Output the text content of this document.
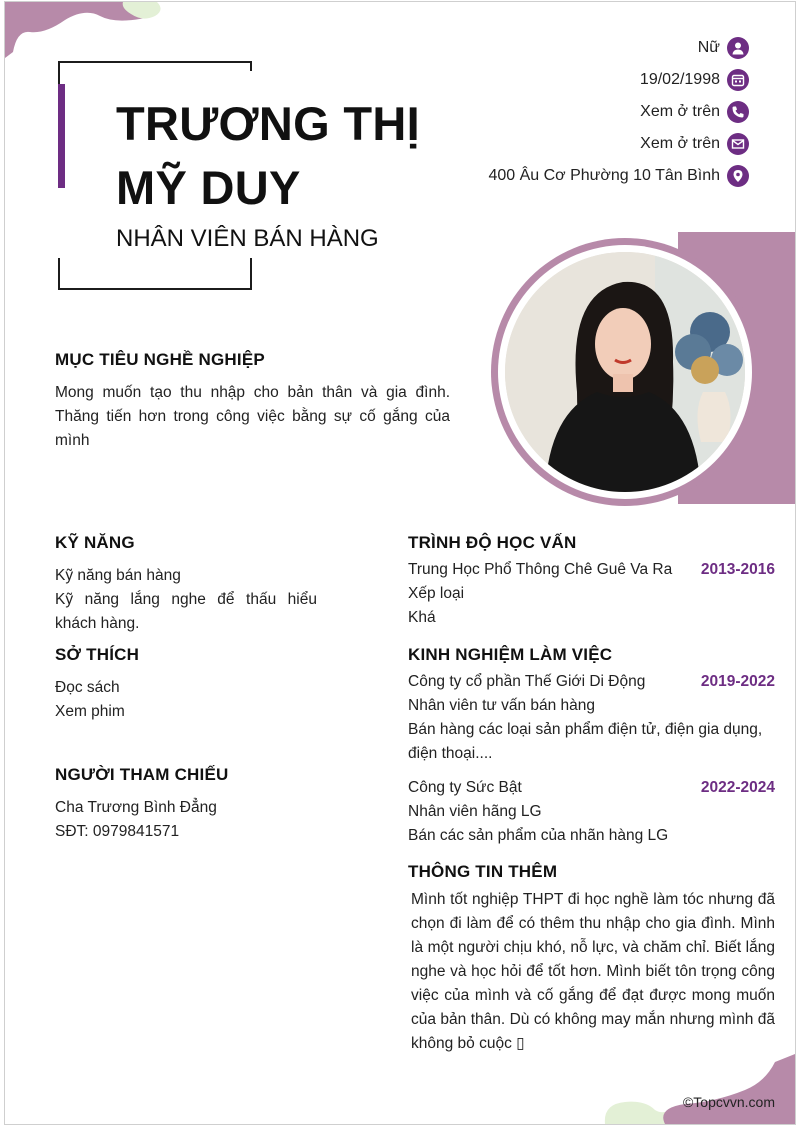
TRƯƠNG THỊ
MỸ DUY
NHÂN VIÊN BÁN HÀNG
Nữ
19/02/1998
Xem ở trên
Xem ở trên
400 Âu Cơ Phường 10 Tân Bình
MỤC TIÊU NGHỀ NGHIỆP
Mong muốn tạo thu nhập cho bản thân và gia đình. Thăng tiến hơn trong công việc bằng sự cố gắng của mình
KỸ NĂNG
Kỹ năng bán hàng
Kỹ năng lắng nghe để thấu hiểu khách hàng.
SỞ THÍCH
Đọc sách
Xem phim
NGƯỜI THAM CHIẾU
Cha Trương Bình Đẳng
SĐT: 0979841571
TRÌNH ĐỘ HỌC VẤN
Trung Học Phổ Thông Chê Guê Va Ra 2013-2016
Xếp loại
Khá
KINH NGHIỆM LÀM VIỆC
Công ty cổ phần Thế Giới Di Động	2019-2022
Nhân viên tư vấn bán hàng
Bán hàng các loại sản phẩm điện tử, điện gia dụng, điện thoại....
Công ty Sức Bật	2022-2024
Nhân viên hãng LG
Bán các sản phẩm của nhãn hàng LG
THÔNG TIN THÊM
Mình tốt nghiệp THPT đi học nghề làm tóc nhưng đã chọn đi làm để có thêm thu nhập cho gia đình. Mình là một người chịu khó, nỗ lực, và chăm chỉ. Biết lắng nghe và học hỏi để tốt hơn. Mình biết tôn trọng công việc của mình và cố gắng để đạt được mong muốn của bản thân. Dù có không may mắn nhưng mình đã không bỏ cuộc ▯
©Topcvvn.com
